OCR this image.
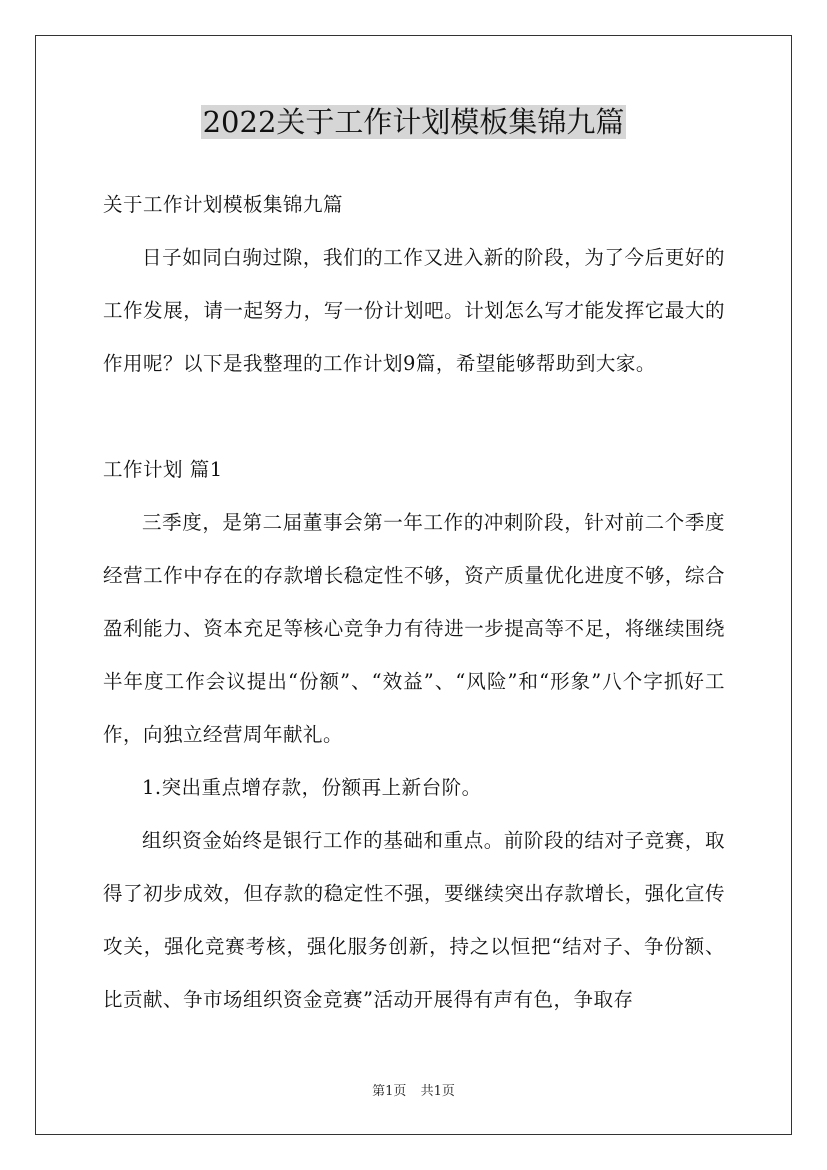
2022关于工作计划模板集锦九篇

关于工作计划模板集锦九篇

日子如同白驹过隙，我们的工作又进入新的阶段，为了今后更好的工作发展，请一起努力，写一份计划吧。计划怎么写才能发挥它最大的作用呢？以下是我整理的工作计划9篇，希望能够帮助到大家。

工作计划 篇1

三季度，是第二届董事会第一年工作的冲刺阶段，针对前二个季度经营工作中存在的存款增长稳定性不够，资产质量优化进度不够，综合盈利能力、资本充足等核心竞争力有待进一步提高等不足，将继续围绕半年度工作会议提出“份额”、“效益”、“风险”和“形象”八个字抓好工作，向独立经营周年献礼。

1.突出重点增存款，份额再上新台阶。

组织资金始终是银行工作的基础和重点。前阶段的结对子竞赛，取得了初步成效，但存款的稳定性不强，要继续突出存款增长，强化宣传攻关，强化竞赛考核，强化服务创新，持之以恒把“结对子、争份额、比贡献、争市场组织资金竞赛”活动开展得有声有色，争取存

第1页 共1页
